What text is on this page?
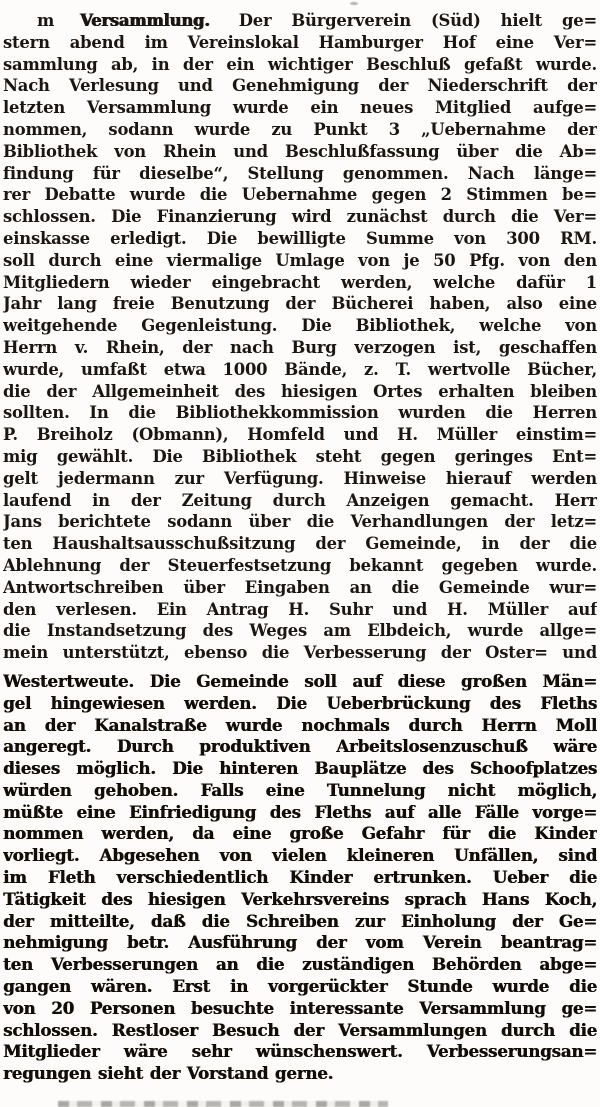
m Versammlung. Der Bürgerverein (Süd) hielt ge=
stern abend im Vereinslokal Hamburger Hof eine Ver=
sammlung ab, in der ein wichtiger Beschluß gefaßt wurde.
Nach Verlesung und Genehmigung der Niederschrift der
letzten Versammlung wurde ein neues Mitglied aufge=
nommen, sodann wurde zu Punkt 3 „Uebernahme der
Bibliothek von Rhein und Beschlußfassung über die Ab=
findung für dieselbe“, Stellung genommen. Nach länge=
rer Debatte wurde die Uebernahme gegen 2 Stimmen be=
schlossen. Die Finanzierung wird zunächst durch die Ver=
einskasse erledigt. Die bewilligte Summe von 300 RM.
soll durch eine viermalige Umlage von je 50 Pfg. von den
Mitgliedern wieder eingebracht werden, welche dafür 1
Jahr lang freie Benutzung der Bücherei haben, also eine
weitgehende Gegenleistung. Die Bibliothek, welche von
Herrn v. Rhein, der nach Burg verzogen ist, geschaffen
wurde, umfaßt etwa 1000 Bände, z. T. wertvolle Bücher,
die der Allgemeinheit des hiesigen Ortes erhalten bleiben
sollten. In die Bibliothekkommission wurden die Herren
P. Breiholz (Obmann), Homfeld und H. Müller einstim=
mig gewählt. Die Bibliothek steht gegen geringes Ent=
gelt jedermann zur Verfügung. Hinweise hierauf werden
laufend in der Zeitung durch Anzeigen gemacht. Herr
Jans berichtete sodann über die Verhandlungen der letz=
ten Haushaltsausschußsitzung der Gemeinde, in der die
Ablehnung der Steuerfestsetzung bekannt gegeben wurde.
Antwortschreiben über Eingaben an die Gemeinde wur=
den verlesen. Ein Antrag H. Suhr und H. Müller auf
die Instandsetzung des Weges am Elbdeich, wurde allge=
mein unterstützt, ebenso die Verbesserung der Oster= und
Westertweute. Die Gemeinde soll auf diese großen Män=
gel hingewiesen werden. Die Ueberbrückung des Fleths
an der Kanalstraße wurde nochmals durch Herrn Moll
angeregt. Durch produktiven Arbeitslosenzuschuß wäre
dieses möglich. Die hinteren Bauplätze des Schoofplatzes
würden gehoben. Falls eine Tunnelung nicht möglich,
müßte eine Einfriedigung des Fleths auf alle Fälle vorge=
nommen werden, da eine große Gefahr für die Kinder
vorliegt. Abgesehen von vielen kleineren Unfällen, sind
im Fleth verschiedentlich Kinder ertrunken. Ueber die
Tätigkeit des hiesigen Verkehrsvereins sprach Hans Koch,
der mitteilte, daß die Schreiben zur Einholung der Ge=
nehmigung betr. Ausführung der vom Verein beantrag=
ten Verbesserungen an die zuständigen Behörden abge=
gangen wären. Erst in vorgerückter Stunde wurde die
von 20 Personen besuchte interessante Versammlung ge=
schlossen. Restloser Besuch der Versammlungen durch die
Mitglieder wäre sehr wünschenswert. Verbesserungsan=
regungen sieht der Vorstand gerne.
